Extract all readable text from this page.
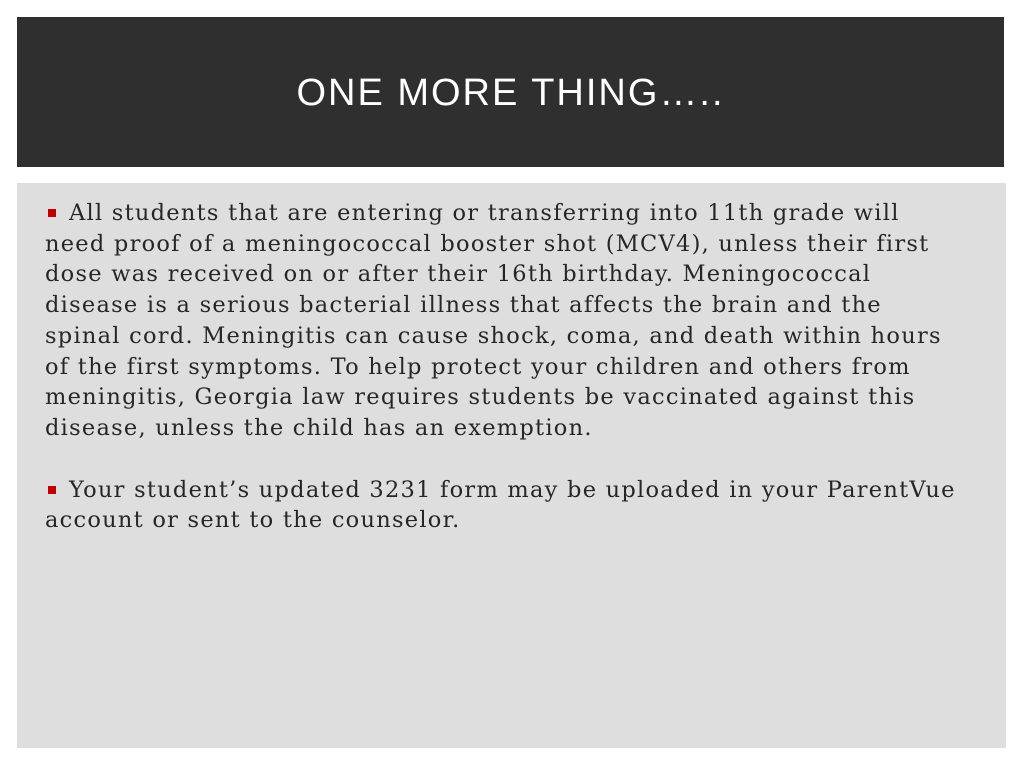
ONE MORE THING…..
All students that are entering or transferring into 11th grade will need proof of a meningococcal booster shot (MCV4), unless their first dose was received on or after their 16th birthday. Meningococcal disease is a serious bacterial illness that affects the brain and the spinal cord. Meningitis can cause shock, coma, and death within hours of the first symptoms. To help protect your children and others from meningitis, Georgia law requires students be vaccinated against this disease, unless the child has an exemption.
Your student’s updated 3231 form may be uploaded in your ParentVue account or sent to the counselor.
